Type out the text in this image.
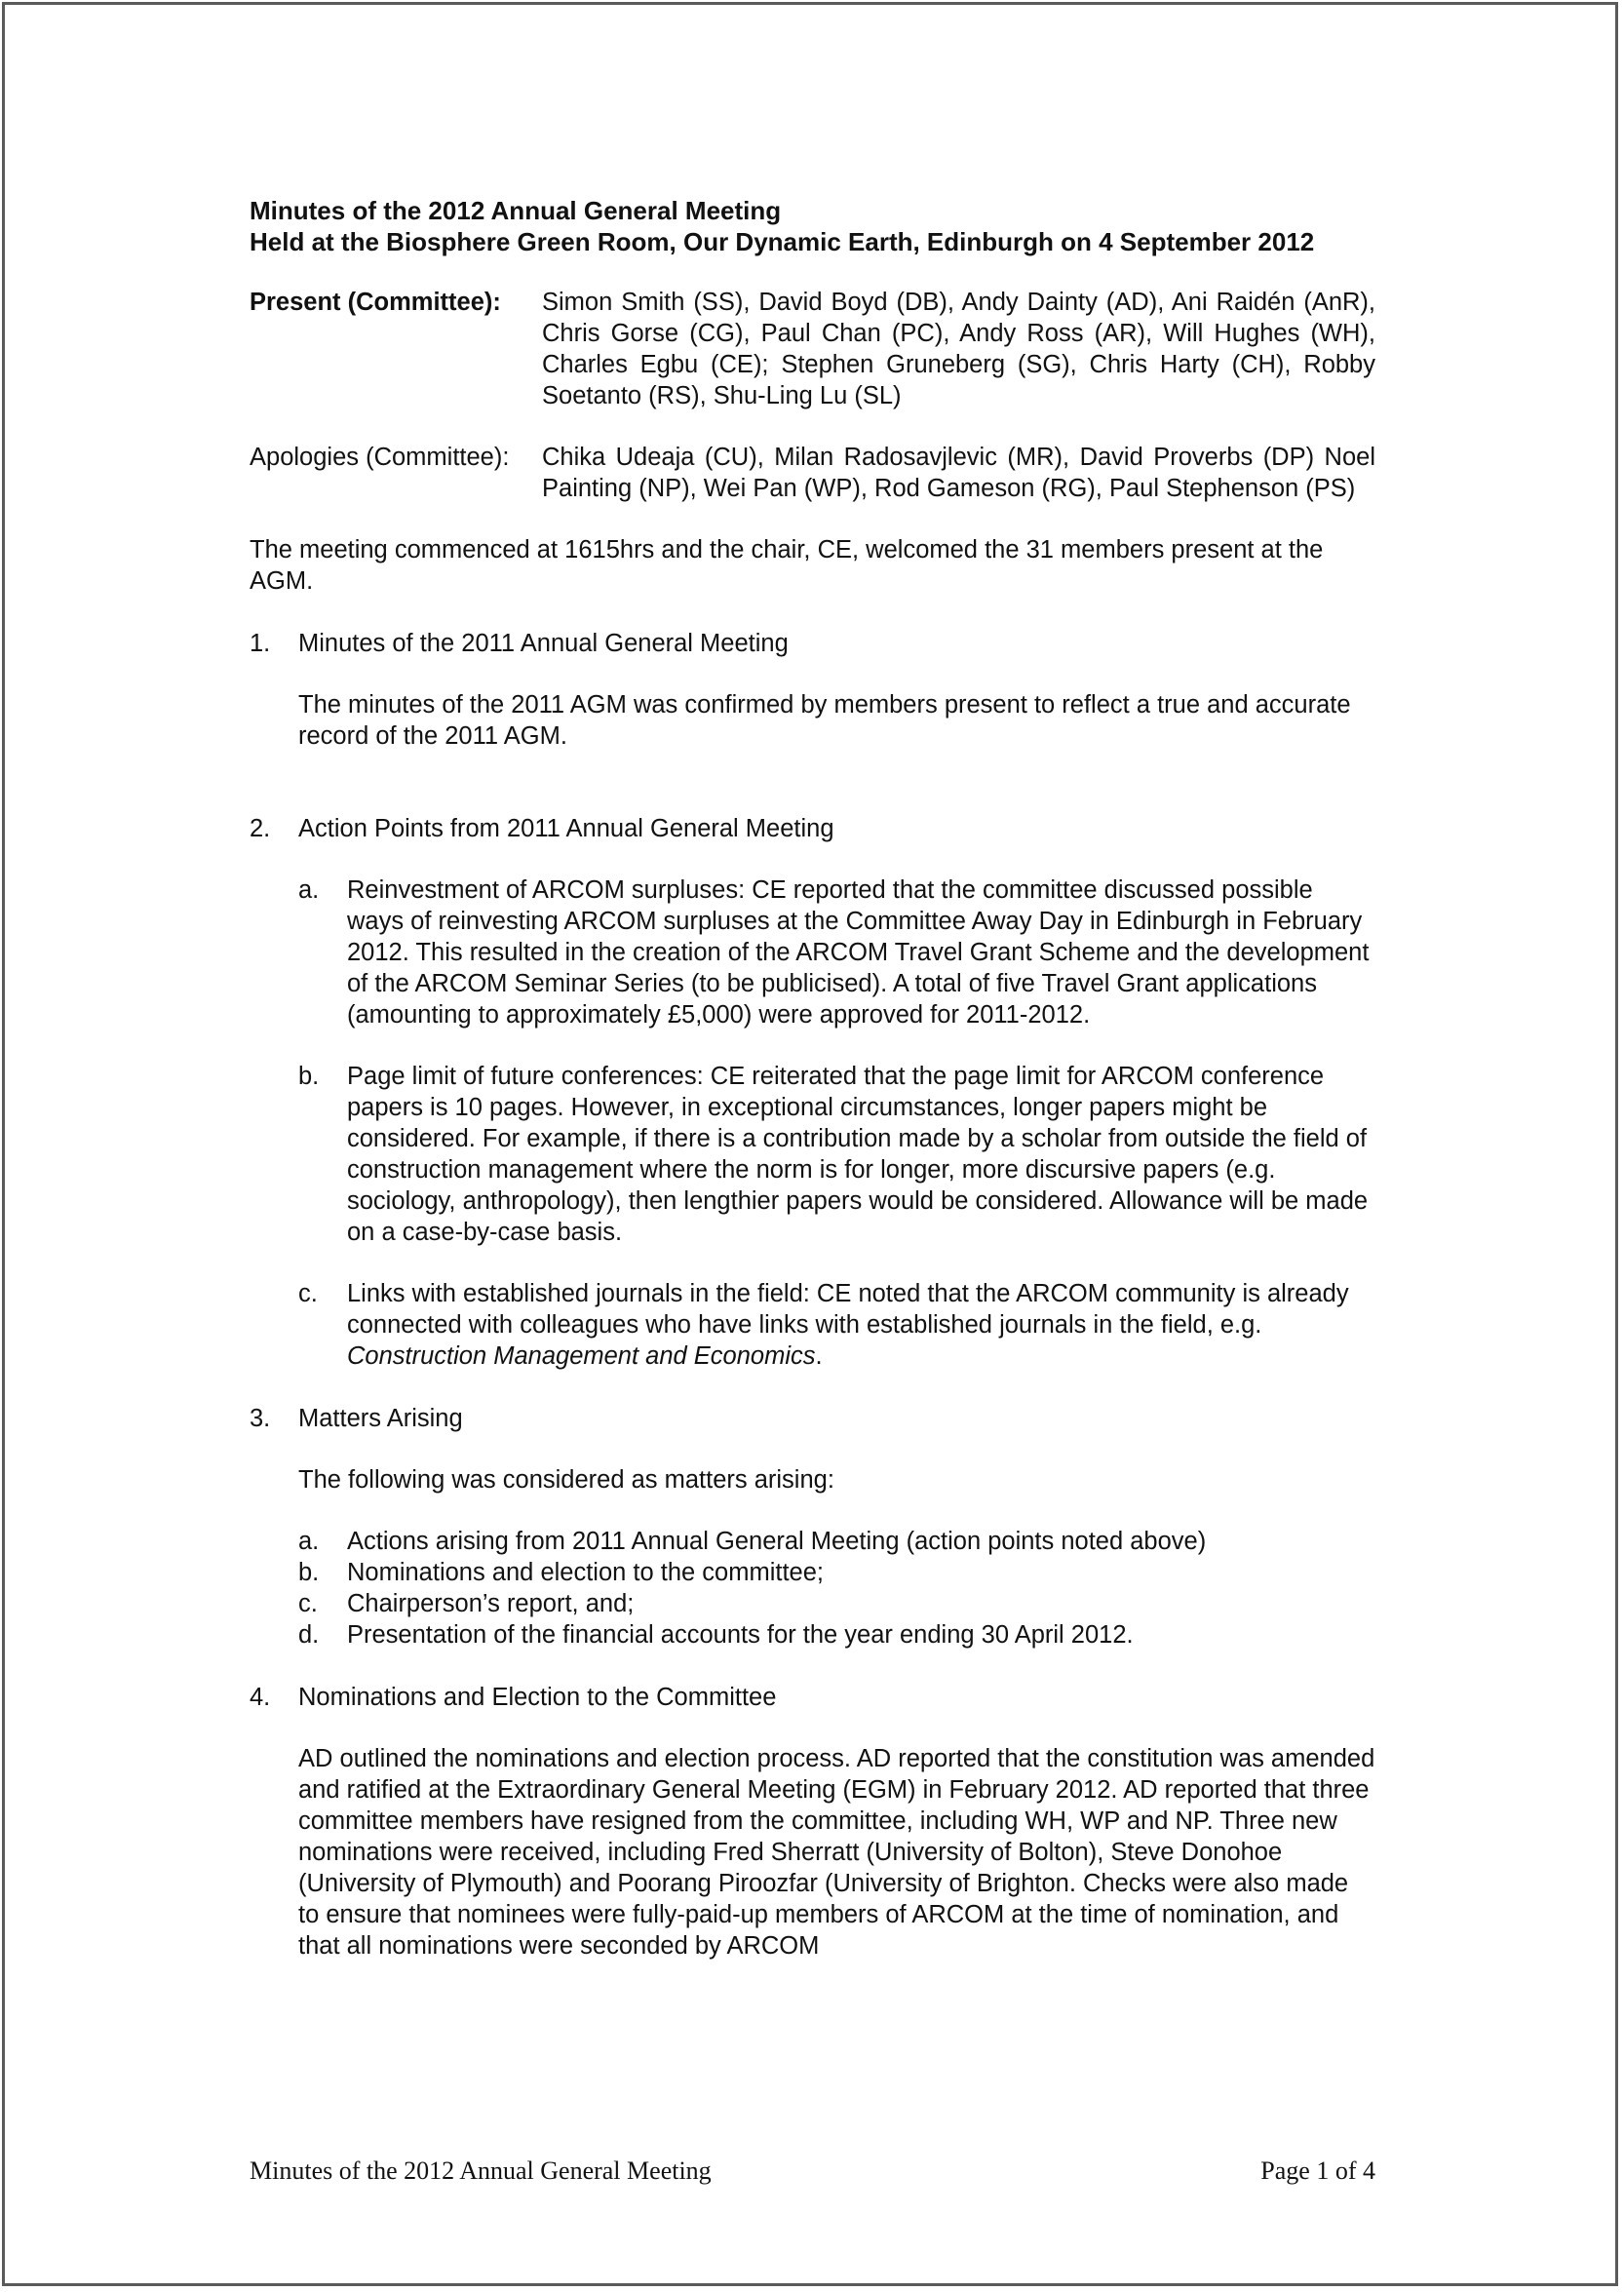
Minutes of the 2012 Annual General Meeting

Held at the Biosphere Green Room, Our Dynamic Earth, Edinburgh on 4 September 2012

Present (Committee):	Simon Smith (SS), David Boyd (DB), Andy Dainty (AD), Ani Raidén (AnR), Chris Gorse (CG), Paul Chan (PC), Andy Ross (AR), Will Hughes (WH), Charles Egbu (CE); Stephen Gruneberg (SG), Chris Harty (CH), Robby Soetanto (RS), Shu-Ling Lu (SL)
Apologies (Committee):	Chika Udeaja (CU), Milan Radosavjlevic (MR), David Proverbs (DP) Noel Painting (NP), Wei Pan (WP), Rod Gameson (RG), Paul Stephenson (PS)

The meeting commenced at 1615hrs and the chair, CE, welcomed the 31 members present at the AGM.

1.	Minutes of the 2011 Annual General Meeting

The minutes of the 2011 AGM was confirmed by members present to reflect a true and accurate record of the 2011 AGM.

2.	Action Points from 2011 Annual General Meeting
a.	Reinvestment of ARCOM surpluses: CE reported that the committee discussed possible ways of reinvesting ARCOM surpluses at the Committee Away Day in Edinburgh in February 2012. This resulted in the creation of the ARCOM Travel Grant Scheme and the development of the ARCOM Seminar Series (to be publicised). A total of five Travel Grant applications (amounting to approximately £5,000) were approved for 2011-2012.
b.	Page limit of future conferences: CE reiterated that the page limit for ARCOM conference papers is 10 pages. However, in exceptional circumstances, longer papers might be considered. For example, if there is a contribution made by a scholar from outside the field of construction management where the norm is for longer, more discursive papers (e.g. sociology, anthropology), then lengthier papers would be considered. Allowance will be made on a case-by-case basis.
c.	Links with established journals in the field: CE noted that the ARCOM community is already connected with colleagues who have links with established journals in the field, e.g. Construction Management and Economics.
3.	Matters Arising

The following was considered as matters arising:

a.	Actions arising from 2011 Annual General Meeting (action points noted above)
b.	Nominations and election to the committee;
c.	Chairperson’s report, and;
d.	Presentation of the financial accounts for the year ending 30 April 2012.
4.	Nominations and Election to the Committee

AD outlined the nominations and election process. AD reported that the constitution was amended and ratified at the Extraordinary General Meeting (EGM) in February 2012. AD reported that three committee members have resigned from the committee, including WH, WP and NP. Three new nominations were received, including Fred Sherratt (University of Bolton), Steve Donohoe (University of Plymouth) and Poorang Piroozfar (University of Brighton. Checks were also made to ensure that nominees were fully-paid-up members of ARCOM at the time of nomination, and that all nominations were seconded by ARCOM

Minutes of the 2012 Annual General Meeting	Page 1 of 4
